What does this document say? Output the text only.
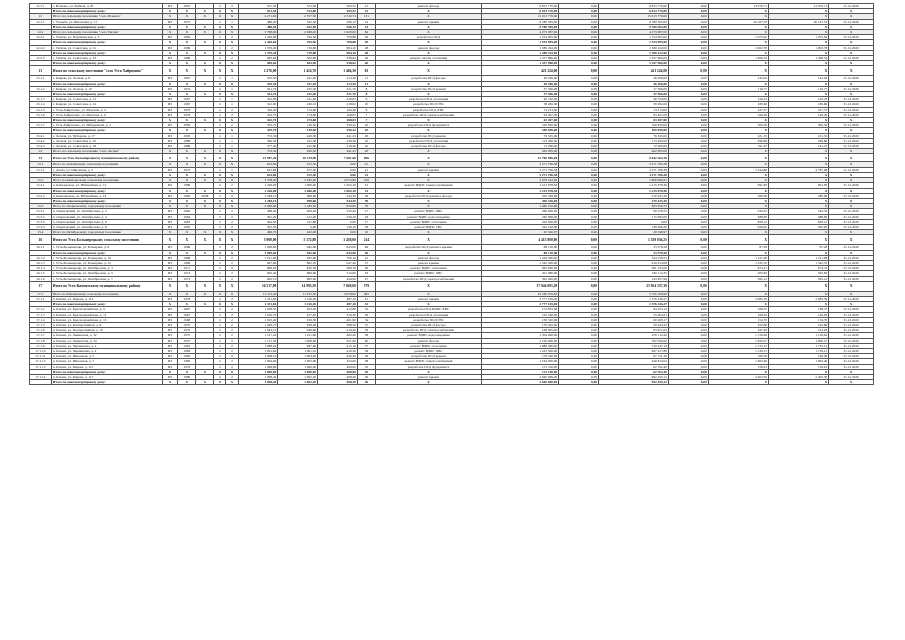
11.7.1	с. Исаково, ул. Рыбная, д. 81	ИЗ	1991		2	2	521,30	313,00	295,52	21	ремонт фасада	6 813 770,00	0,00	6 813 770,00	0,00	13 070,71	13 070,71	31.12.2020
	Итого по многоквартирному дому:	X	X	X	X	X	521,30	313,00	295,52	21	X	6 813 770,00	0,00	6 813 770,00	0,00	X	X	X
12	Итого по сельскому поселению "село Исаково"	X	X	X	X	X	4 271,60	2 707,50	2 310,74	131	X	15 013 770,00	0,00	15 013 770,00	0,00	X	X	X
12.1.1	с. Усадьба, ул. Школьная, д. 17	ИЗ	1975		2	1	486,40	322,50	296,12	14	ремонт крыши	9 780 305,00	0,00	9 780 305,00	0,00	20 107,53	20 107,53	31.12.2020
	Итого по многоквартирному дому:	X	X	X	X	X	486,40	322,50	296,12	14	X	9 780 305,00	0,00	9 780 305,00	0,00	X	X	X
12.2	Итого по сельскому поселению "село Тигиль"	X	X	X	X	X	3 768,60	2 048,20	1 929,60	84	X	4 273 087,00	0,00	4 273 087,00	0,00	X	X	X
12.2.1	с. Тигиль, ул. Партизанская, д. 3	ИЗ	1984		2	2	1 426,60	764,50	706,88	30	разработка ПСД	1 534 905,00	0,00	1 534 905,00	0,00	1 075,92	1 075,92	31.12.2020
	Итого по многоквартирному дому:	X	X	X	X	X	1 426,60	764,50	706,88	30	X	1 534 905,00	0,00	1 534 905,00	0,00	X	X	X
12.2.2	с. Тигиль, ул. Советская, д. 21	ИЗ	1986		2	2	1 376,40	719,80	684,10	28	ремонт фасада	1 380 222,00	0,00	1 380 222,00	0,00	1 002,78	1 002,78	31.12.2020
	Итого по многоквартирному дому:	X	X	X	X	X	1 376,40	719,80	684,10	28	X	1 380 222,00	0,00	1 380 222,00	0,00	X	X	X
12.2.3	с. Тигиль, ул. Советская, д. 23	ИЗ	1986		2	2	965,60	563,90	538,62	26	ремонт систем отопления	1 357 960,00	0,00	1 357 960,00	0,00	1 406,33	1 406,33	31.12.2020
	Итого по многоквартирному дому:	X	X	X	X	X	965,60	563,90	538,62	26	X	1 357 960,00	0,00	1 357 960,00	0,00	X	X	X
13	Итого по сельскому поселению "село Усть-Хайрюзово"	X	X	X	X	X	2 276,00	1 414,70	1 464,30	63	X	421 224,00	0,00	421 224,00	0,00	X	X	X
13.1.1	с. Ковран, ул. Лесная, д. 8	ИЗ	1967		2	1	325,30	221,20	213,30	11	разработка ПСД фасада	46 206,00	0,00	46 206,00	0,00	142,04	142,04	31.12.2020
	Итого по многоквартирному дому:	X	X	X	X	X	325,30	221,20	213,30	11	X	46 206,00	0,00	46 206,00	0,00	X	X	X
13.1.2	с. Ковран, ул. Лесная, д. 10	ИЗ	1974		2	1	321,70	232,30	221,70	8	разработка ПСД крыши	37 566,00	0,00	37 566,00	0,00	116,77	116,77	31.12.2020
	Итого по многоквартирному дому:	X	X	X	X	X	321,70	232,30	221,70	8	X	37 566,00	0,00	37 566,00	0,00	X	X	X
13.1.3	с. Ковран, ул. Советская, д. 12	ИЗ	1967		2	1	322,60	241,40	226,63	9	разработка ПСД отопления	40 720,00	0,00	40 720,00	0,00	126,23	126,23	31.12.2020
13.1.4	с. Ковран, ул. Советская, д. 14	ИЗ	1967		2	1	322,60	240,10	218,02	10	разработка ПСД ГВС	58 282,00	0,00	58 282,00	0,00	180,66	180,66	31.12.2020
13.1.5	с. Усть-Хайрюзово, ул. Морская, д. 4	ИЗ	1979		2	2	326,40	174,60	160,40	8	разработка ПСД ХВС	74 213,00	0,00	74 213,00	0,00	227,37	227,37	31.12.2020
13.1.6	с. Усть-Хайрюзово, ул. Морская, д. 6	ИЗ	1979		2	2	322,70	174,60	168,03	7	разработка ПСД электроснабжения	63 407,00	0,00	63 407,00	0,00	196,49	196,49	31.12.2020
	Итого по многоквартирному дому:	X	X	X	X	X	322,70	174,60	168,03	7	X	63 407,00	0,00	63 407,00	0,00	X	X	X
13.1.7	с. Усть-Хайрюзово, ул. Набережная, д. 2	ИЗ	1983		2	2	335,70	130,50	256,22	10	разработка ПСД фундамента	100 830,00	0,00	100 830,00	0,00	300,36	300,36	31.12.2020
	Итого по многоквартирному дому:	X	X	X	X	X	335,70	130,50	256,22	10	X	100 830,00	0,00	100 830,00	0,00	X	X	X
13.4.1	с. Лесная, ул. Чубарова, д. 17	ИЗ	1993		2	1	753,30	420,30	441,23	20	разработка ПСД крыши	76 345,00	0,00	76 345,00	0,00	101,35	101,35	31.12.2020
13.4.2	с. Лесная, ул. Советская, д. 16	ИЗ	1989		2	1	382,30	225,30	228,36	10	разработка ПСД отопления	113 490,00	0,00	113 490,00	0,00	296,86	296,86	31.12.2020
13.4.3	с. Лесная, ул. Советская, д. 18	ИЗ	1989		2	1	377,40	222,80	216,20	10	разработка ПСД фасада	72 260,00	0,00	72 260,00	0,00	191,47	191,47	31.12.2020
14	Итого по сельскому поселению "село Лесная"	X	X	X	X	X	753,30	420,30	441,23	20	X	262 095,00	0,00	262 095,00	0,00	X	X	X
15	Итого по Усть-Большерецкому муниципальному району	X	X	X	X	X	21 997,40	16 279,90	7 661,60	696	X	12 700 096,00	0,00	9 642 262,36	0,00	X	X	X
15.1	Итого по Апачинскому сельскому поселению	X	X	X	X	X	623,80	472,30	0,00	21	X	3 271 706,38	0,00	3 271 706,38	0,00	X	X	X
15.1.1	с. Апача, ул. Школьная, д. 3	ИЗ	1973		2	1	623,80	472,30	0,00	21	ремонт крыши	3 271 706,38	0,00	3 271 706,38	0,00	5 244,80	4 767,08	31.12.2020
	Итого по многоквартирному дому:	X	X	X	X	X	623,80	472,30	0,00	21	X	3 271 706,38	0,00	3 271 706,38	0,00	X	X	X
15.2	Итого по Кавалерскому сельскому поселению	X	X	X	X	X	3 708,40	2 943,40	2 073,80	109	X	2 079 242,69	0,00	1 806 966,97	0,00	X	X	X
15.2.1	п. Кавалерское, ул. Юбилейная, д. 12	ИЗ	1989		2	2	1 226,00	1 006,40	1 004,10	31	ремонт ВДИС электроснабжения	1 215 978,36	0,00	1 215 978,36	0,00	991,83	991,83	31.12.2020
	Итого по многоквартирному дому:	X	X	X	X	X	1 226,00	1 006,40	1 004,10	31	X	1 215 978,36	0,00	1 215 978,36	0,00	X	X	X
15.2.2	п. Кавалерское, ул. Юбилейная, д. 14	ИЗ	1990	2008	2	2	1 248,10	968,60	544,30	39	разработка ПСД ремонта фасада	350 326,60	0,00	270 425,30	0,00	280,69	280,69	31.12.2020
	Итого по многоквартирному дому:	X	X	X	X	X	1 248,10	968,60	544,30	39	X	350 326,60	0,00	270 425,30	0,00	X	X	X
15.3	Итого по Озерновскому городскому поселению	X	X	X	X	X	2 066,60	1 189,50	620,60	70	X	1 460 192,60	0,00	363 056,75	0,00	X	X	X
15.3.1	п. Озерновский, ул. Октябрьская, д. 2	ИЗ	1964		2	2	489,40	409,40	235,40	17	ремонт ВДИС ХВС	266 000,00	0,00	99 278,55	0,00	543,52	543,52	31.12.2020
15.3.2	п. Озерновский, ул. Октябрьская, д. 4	ИЗ	1964		2	2	491,20	412,20	236,10	18	ремонт ВДИС водоотведения	240 000,00	0,00	115 082,00	0,00	488,60	488,60	31.12.2020
15.3.3	п. Озерновский, ул. Октябрьская, д. 6	ИЗ	1965		2	2	494,50	411,80	0,00	17	ремонт ВДИС отопления	410 000,00	0,00	0,00	0,00	829,12	829,12	31.12.2020
15.3.4	п. Озерновский, ул. Октябрьская, д. 8	ИЗ	1965		2	2	591,50	0,00	149,10	18	ремонт ВДИС ГВС	544 192,60	0,00	148 696,20	0,00	920,02	920,02	31.12.2020
15.4	Итого по Октябрьскому городскому поселению	X	X	X	X	X	466,70	422,00	0,00	16	X	20 346,97	0,00	20 346,97	0,00	X	X	X
16	Итого по Усть-Большерецкому сельскому поселению	X	X	X	X	X	5 990,00	5 172,80	3 438,00	214	X	4 415 800,00	0,00	1 559 836,25	0,00	X	X	X
16.1.1	с. Усть-Большерецк, ул. Бочкарева, д. 8	ИЗ	1966		2	2	1 009,60	942,60	643,00	46	разработка ПСД ремонта крыши	88 120,00	0,00	33 578,28	0,00	87,28	87,28	31.12.2020
	Итого по многоквартирному дому:	X	X	X	X	X	1 009,60	942,60	643,00	46	X	88 120,00	0,00	33 578,28	0,00	X	X	X
16.1.2	с. Усть-Большерецк, ул. Бочкарева, д. 10	ИЗ	1968		2	2	1 011,90	945,00	700,10	41	ремонт фасада	1 226 400,00	0,00	324 158,55	0,00	1 211,98	1 211,98	31.12.2020
16.1.3	с. Усть-Большерецк, ул. Бочкарева, д. 12	ИЗ	1969		2	2	997,80	862,70	647,40	37	ремонт крыши	1 542 300,00	0,00	616 914,08	0,00	1 545,70	1 545,70	31.12.2020
16.1.4	с. Усть-Большерецк, ул. Октябрьская, д. 3	ИЗ	1971		2	2	986,20	810,50	489,70	30	ремонт ВДИС отопления	665 000,00	0,00	281 233,00	0,00	674,31	674,31	31.12.2020
16.1.5	с. Усть-Большерецк, ул. Октябрьская, д. 5	ИЗ	1972		2	2	992,40	806,60	512,90	33	ремонт ВДИС ХВС	501 980,00	0,00	160 114,35	0,00	505,82	505,82	31.12.2020
16.1.6	с. Усть-Большерецк, ул. Октябрьская, д. 7	ИЗ	1973		2	2	992,10	805,40	444,90	27	разработка ПСД электроснабжения	392 000,00	0,00	143 837,99	0,00	395,12	395,12	31.12.2020
17	Итого по Усть-Камчатскому муниципальному району	X	X	X	X	X	16 517,90	14 995,50	7 049,60	579	X	37 944 003,28	0,00	23 954 337,39	0,00	X	X	X
17.1	Итого по Ключевскому сельскому поселению	X	X	X	X	X	13 112,40	11 915,30	4 978,60	465	X	16 160 076,85	0,00	5 750 109,90	0,00	X	X	X
17.1.1	п. Ключи, ул. Кирова, д. 113	ИЗ	1978		2	2	1 331,60	1 126,20	487,10	41	ремонт крыши	2 777 165,00	0,00	1 576 236,27	0,00	2 085,59	2 085,59	31.12.2020
	Итого по многоквартирному дому:	X	X	X	X	X	1 331,60	1 126,20	487,10	41	X	2 777 165,00	0,00	1 576 236,27	0,00	X	X	X
17.1.2	п. Ключи, ул. Красноармейская, д. 9	ИЗ	1967		2	2	1 038,50	923,40	412,80	35	разработка ПСД ВДИС ХВС	174 855,00	0,00	64 223,14	0,00	168,37	168,37	31.12.2020
17.1.3	п. Ключи, ул. Красноармейская, д. 11	ИЗ	1967		2	2	1 030,70	917,40	376,30	36	разработка ПСД отопления	165 560,00	0,00	55 604,91	0,00	160,63	160,63	31.12.2020
17.1.4	п. Ключи, ул. Красноармейская, д. 13	ИЗ	1968		2	2	1 023,40	919,30	401,90	34	разработка ПСД ГВС	158 320,00	0,00	60 408,17	0,00	154,70	154,70	31.12.2020
17.1.5	п. Ключи, ул. Кооперативная, д. 8	ИЗ	1970		2	2	1 046,70	956,20	388,50	37	разработка ПСД фасада	170 402,00	0,00	59 244,33	0,00	162,80	162,80	31.12.2020
17.1.6	п. Ключи, ул. Кооперативная, д. 10	ИЗ	1970		2	2	1 043,10	949,80	419,20	39	разработка ПСД электроснабжения	168 905,00	0,00	63 671,02	0,00	161,93	161,93	31.12.2020
17.1.7	п. Ключи, ул. Ленинская, д. 32	ИЗ	1975		2	2	1 127,40	1 011,60	402,40	38	ремонт ВДИС водоотведения	1 304 000,00	0,00	470 112,20	0,00	1 156,64	1 156,64	31.12.2020
17.1.8	п. Ключи, ул. Ленинская, д. 34	ИЗ	1975		2	2	1 131,30	1 008,90	421,60	40	ремонт фасада	2 100 000,00	0,00	782 560,00	0,00	1 856,27	1 856,27	31.12.2020
17.1.9	п. Ключи, ул. Чернышова, д. 2	ИЗ	1981		2	2	1 088,20	997,60	415,10	37	ремонт ВДИС отопления	1 886 000,00	0,00	719 447,16	0,00	1 733,13	1 733,13	31.12.2020
17.1.10	п. Ключи, ул. Чернышова, д. 4	ИЗ	1982		2	2	1 091,60	1 001,10	410,30	39	ремонт ВДИС ХВС	1 243 500,00	0,00	467 417,89	0,00	1 139,15	1 139,15	31.12.2020
17.1.11	п. Ключи, ул. Школьная, д. 5	ИЗ	1984		2	2	1 098,10	1 004,20	420,40	36	разработка ПСД крыши	176 340,00	0,00	67 511,30	0,00	160,59	160,59	31.12.2020
17.1.12	п. Ключи, ул. Школьная, д. 7	ИЗ	1985		2	2	1 094,60	1 003,00	423,00	38	ремонт ВДИС электроснабжения	1 164 000,00	0,00	449 813,04	0,00	1 063,40	1 063,40	31.12.2020
17.1.13	п. Ключи, ул. Кирова, д. 115	ИЗ	1979		2	2	1 096,80	1 000,00	400,00	35	разработка ПСД фундамента	172 100,00	0,00	62 762,40	0,00	156,91	156,91	31.12.2020
	Итого по многоквартирному дому:	X	X	X	X	X	1 096,80	1 000,00	400,00	35	X	172 100,00	0,00	62 762,40	0,00	X	X	X
17.1.14	п. Ключи, ул. Кирова, д. 117	ИЗ	1980		2	2	1 098,40	1 002,20	408,20	36	ремонт крыши	2 640 000,00	0,00	992 450,12	0,00	2 403,50	2 403,50	31.12.2020
	Итого по многоквартирному дому:	X	X	X	X	X	1 098,40	1 002,20	408,20	36	X	2 640 000,00	0,00	992 450,12	0,00	X	X	X
